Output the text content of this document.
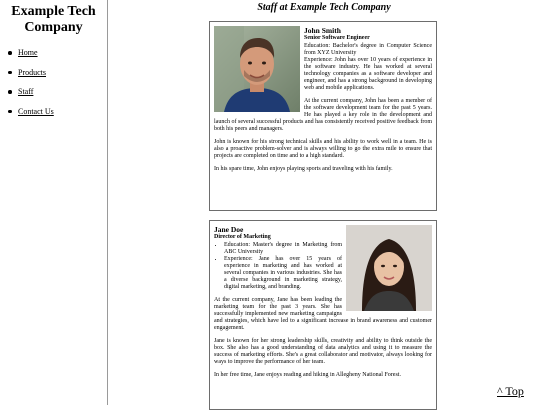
Example Tech Company
Home
Products
Staff
Contact Us
Staff at Example Tech Company
John Smith
Senior Software Engineer
• Education: Bachelor's degree in Computer Science from XYZ University
• Experience: John has over 10 years of experience in the software industry. He has worked at several technology companies as a software developer and engineer, and has a strong background in developing web and mobile applications.

At the current company, John has been a member of the software development team for the past 5 years. He has played a key role in the development and launch of several successful products and has consistently received positive feedback from both his peers and managers.

John is known for his strong technical skills and his ability to work well in a team. He is also a proactive problem-solver and is always willing to go the extra mile to ensure that projects are completed on time and to a high standard.

In his spare time, John enjoys playing sports and traveling with his family.

Jane Doe
Director of Marketing
• Education: Master's degree in Marketing from ABC University
• Experience: Jane has over 15 years of experience in marketing and has worked at several companies in various industries. She has a diverse background in marketing strategy, digital marketing, and branding.

At the current company, Jane has been leading the marketing team for the past 3 years. She has successfully implemented new marketing campaigns and strategies, which have led to a significant increase in brand awareness and customer engagement.

Jane is known for her strong leadership skills, creativity and ability to think outside the box. She also has a good understanding of data analytics and using it to measure the success of marketing efforts. She's a great collaborator and motivator, always looking for ways to improve the performance of her team.

In her free time, Jane enjoys reading and hiking in Allegheny National Forest.

^ Top
